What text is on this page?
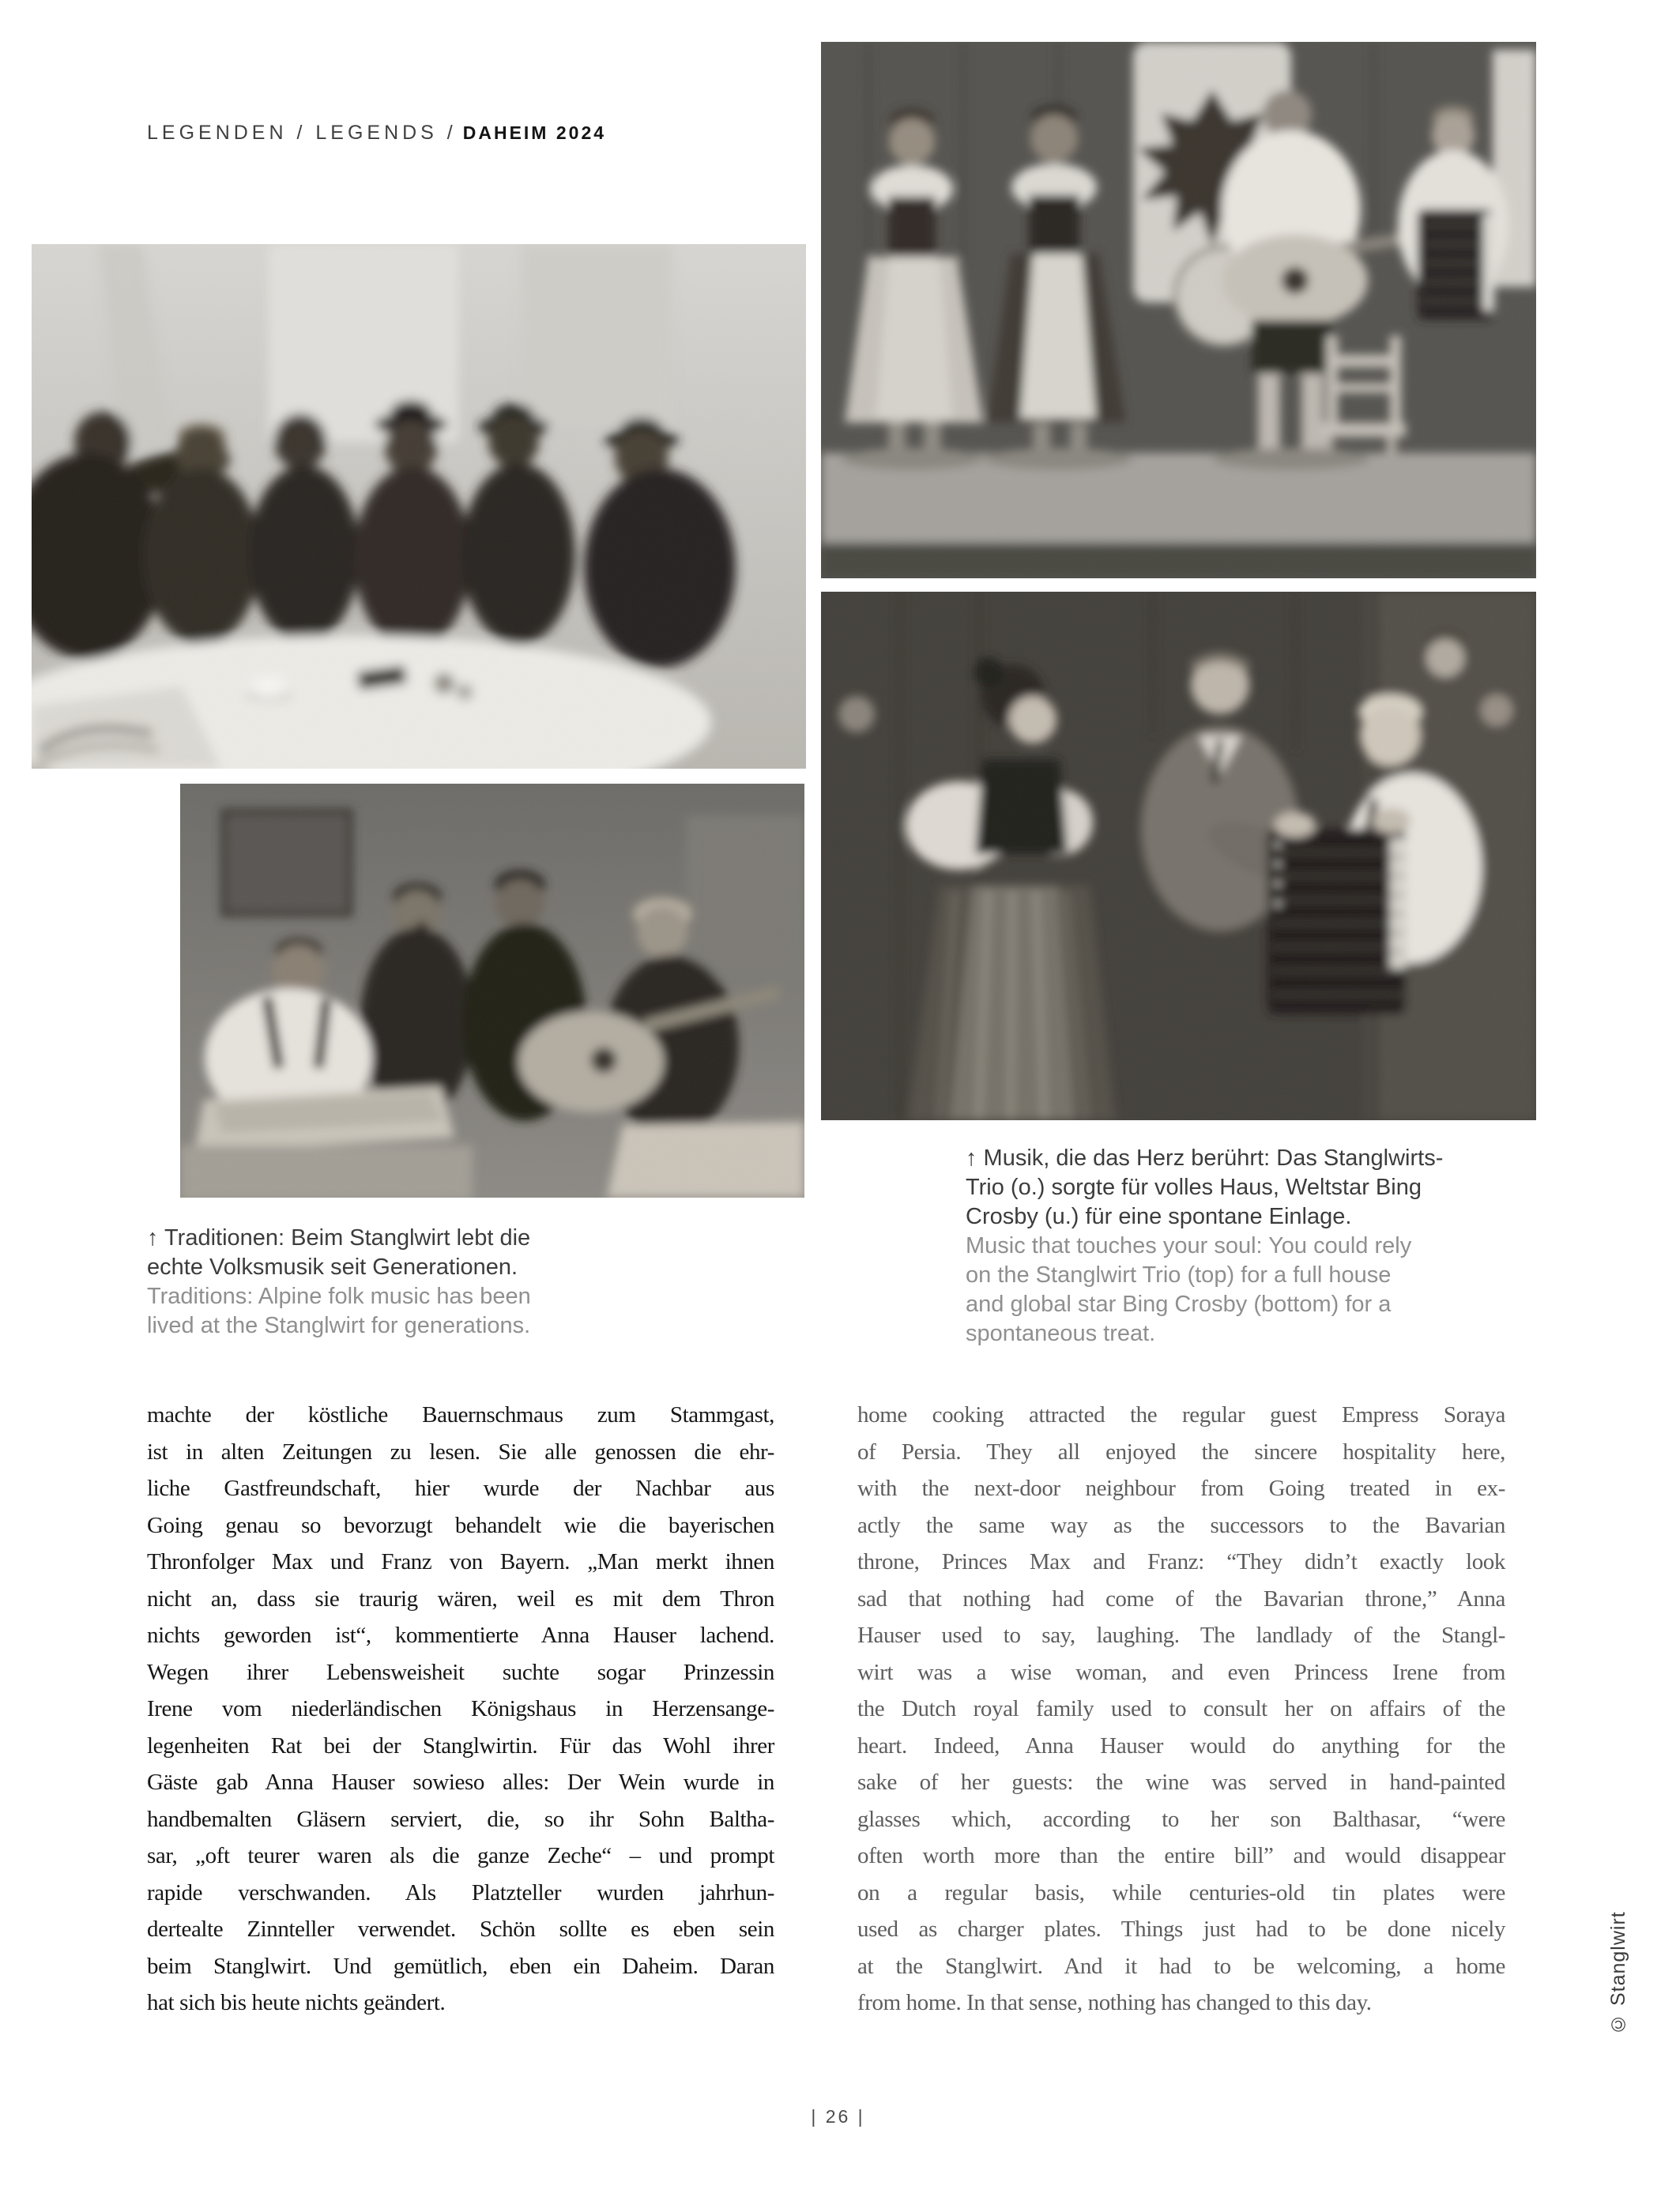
LEGENDEN / LEGENDS / DAHEIM 2024
↑ Traditionen: Beim Stanglwirt lebt die
echte Volksmusik seit Generationen.
Traditions: Alpine folk music has been
lived at the Stanglwirt for generations.
↑ Musik, die das Herz berührt: Das Stanglwirts-
Trio (o.) sorgte für volles Haus, Weltstar Bing
Crosby (u.) für eine spontane Einlage.
Music that touches your soul: You could rely
on the Stanglwirt Trio (top) for a full house
and global star Bing Crosby (bottom) for a
spontaneous treat.
machte der köstliche Bauernschmaus zum Stammgast,
ist in alten Zeitungen zu lesen. Sie alle genossen die ehr-
liche Gastfreundschaft, hier wurde der Nachbar aus
Going genau so bevorzugt behandelt wie die bayerischen
Thronfolger Max und Franz von Bayern. „Man merkt ihnen
nicht an, dass sie traurig wären, weil es mit dem Thron
nichts geworden ist“, kommentierte Anna Hauser lachend.
Wegen ihrer Lebensweisheit suchte sogar Prinzessin
Irene vom niederländischen Königshaus in Herzensange-
legenheiten Rat bei der Stanglwirtin. Für das Wohl ihrer
Gäste gab Anna Hauser sowieso alles: Der Wein wurde in
handbemalten Gläsern serviert, die, so ihr Sohn Baltha-
sar, „oft teurer waren als die ganze Zeche“ – und prompt
rapide verschwanden. Als Platzteller wurden jahrhun-
dertealte Zinnteller verwendet. Schön sollte es eben sein
beim Stanglwirt. Und gemütlich, eben ein Daheim. Daran
hat sich bis heute nichts geändert.
home cooking attracted the regular guest Empress Soraya
of Persia. They all enjoyed the sincere hospitality here,
with the next-door neighbour from Going treated in ex-
actly the same way as the successors to the Bavarian
throne, Princes Max and Franz: “They didn’t exactly look
sad that nothing had come of the Bavarian throne,” Anna
Hauser used to say, laughing. The landlady of the Stangl-
wirt was a wise woman, and even Princess Irene from
the Dutch royal family used to consult her on affairs of the
heart. Indeed, Anna Hauser would do anything for the
sake of her guests: the wine was served in hand-painted
glasses which, according to her son Balthasar, “were
often worth more than the entire bill” and would disappear
on a regular basis, while centuries-old tin plates were
used as charger plates. Things just had to be done nicely
at the Stanglwirt. And it had to be welcoming, a home
from home. In that sense, nothing has changed to this day.
| 26 |
© Stanglwirt
